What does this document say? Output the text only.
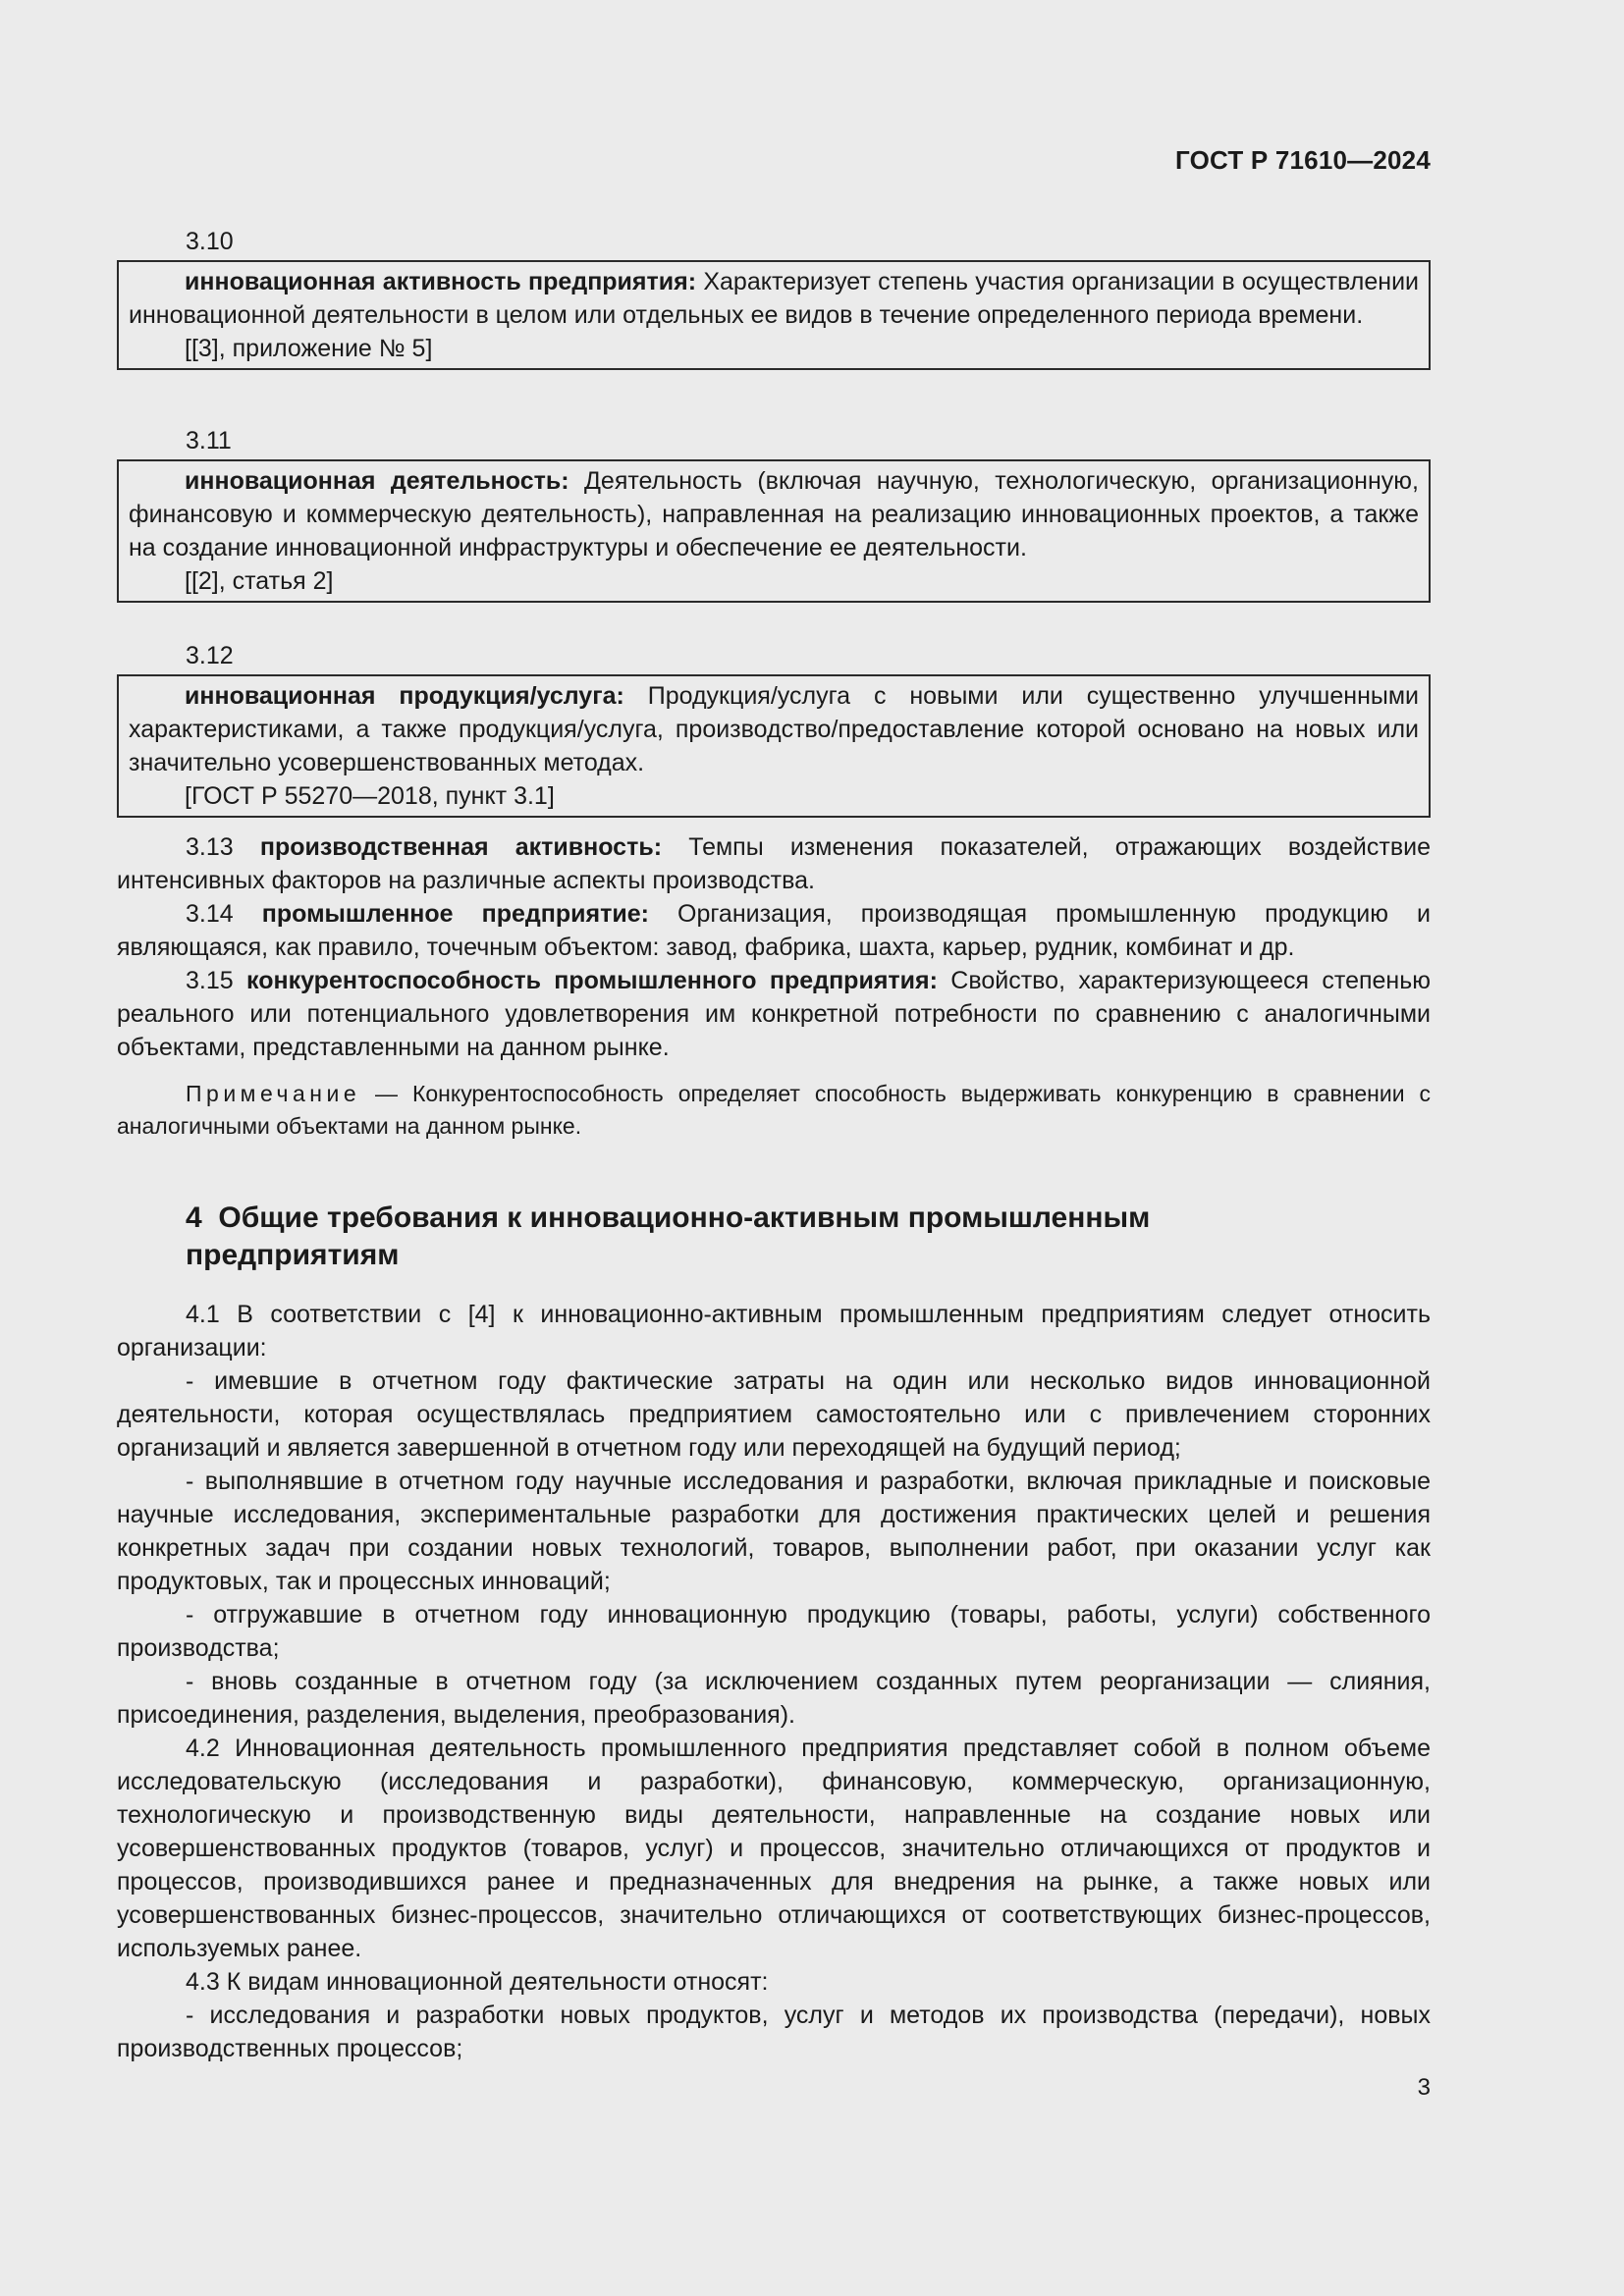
ГОСТ Р 71610—2024
3.10

инновационная активность предприятия: Характеризует степень участия организации в осуществлении инновационной деятельности в целом или отдельных ее видов в течение определенного периода времени.

[[3], приложение № 5]

3.11

инновационная деятельность: Деятельность (включая научную, технологическую, организационную, финансовую и коммерческую деятельность), направленная на реализацию инновационных проектов, а также на создание инновационной инфраструктуры и обеспечение ее деятельности.

[[2], статья 2]

3.12

инновационная продукция/услуга: Продукция/услуга с новыми или существенно улучшенными характеристиками, а также продукция/услуга, производство/предоставление которой основано на новых или значительно усовершенствованных методах.

[ГОСТ Р 55270—2018, пункт 3.1]

3.13 производственная активность: Темпы изменения показателей, отражающих воздействие интенсивных факторов на различные аспекты производства.

3.14 промышленное предприятие: Организация, производящая промышленную продукцию и являющаяся, как правило, точечным объектом: завод, фабрика, шахта, карьер, рудник, комбинат и др.

3.15 конкурентоспособность промышленного предприятия: Свойство, характеризующееся степенью реального или потенциального удовлетворения им конкретной потребности по сравнению с аналогичными объектами, представленными на данном рынке.

Примечание — Конкурентоспособность определяет способность выдерживать конкуренцию в сравнении с аналогичными объектами на данном рынке.

4 Общие требования к инновационно-активным промышленным
предприятиям

4.1 В соответствии с [4] к инновационно-активным промышленным предприятиям следует относить организации:

- имевшие в отчетном году фактические затраты на один или несколько видов инновационной деятельности, которая осуществлялась предприятием самостоятельно или с привлечением сторонних организаций и является завершенной в отчетном году или переходящей на будущий период;

- выполнявшие в отчетном году научные исследования и разработки, включая прикладные и поисковые научные исследования, экспериментальные разработки для достижения практических целей и решения конкретных задач при создании новых технологий, товаров, выполнении работ, при оказании услуг как продуктовых, так и процессных инноваций;

- отгружавшие в отчетном году инновационную продукцию (товары, работы, услуги) собственного производства;

- вновь созданные в отчетном году (за исключением созданных путем реорганизации — слияния, присоединения, разделения, выделения, преобразования).

4.2 Инновационная деятельность промышленного предприятия представляет собой в полном объеме исследовательскую (исследования и разработки), финансовую, коммерческую, организационную, технологическую и производственную виды деятельности, направленные на создание новых или усовершенствованных продуктов (товаров, услуг) и процессов, значительно отличающихся от продуктов и процессов, производившихся ранее и предназначенных для внедрения на рынке, а также новых или усовершенствованных бизнес-процессов, значительно отличающихся от соответствующих бизнес-процессов, используемых ранее.

4.3 К видам инновационной деятельности относят:

- исследования и разработки новых продуктов, услуг и методов их производства (передачи), новых производственных процессов;

3
